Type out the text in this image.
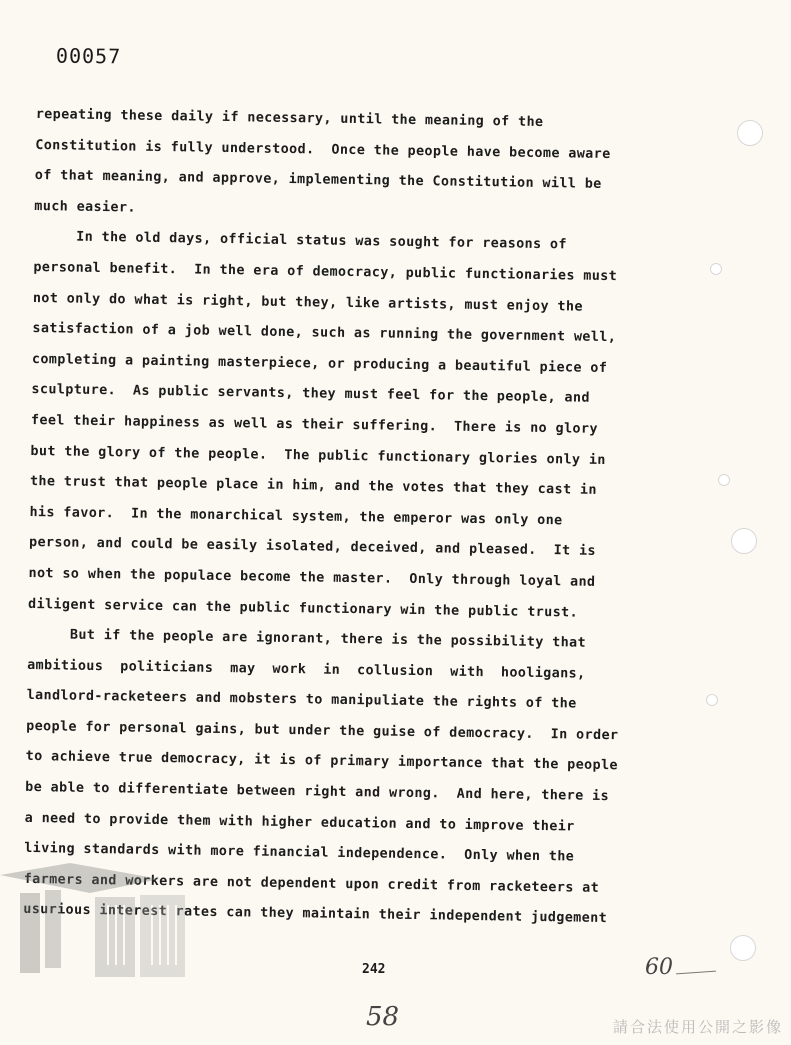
00057
repeating these daily if necessary, until the meaning of the
Constitution is fully understood.  Once the people have become aware
of that meaning, and approve, implementing the Constitution will be
much easier.
In the old days, official status was sought for reasons of
personal benefit.  In the era of democracy, public functionaries must
not only do what is right, but they, like artists, must enjoy the
satisfaction of a job well done, such as running the government well,
completing a painting masterpiece, or producing a beautiful piece of
sculpture.  As public servants, they must feel for the people, and
feel their happiness as well as their suffering.  There is no glory
but the glory of the people.  The public functionary glories only in
the trust that people place in him, and the votes that they cast in
his favor.  In the monarchical system, the emperor was only one
person, and could be easily isolated, deceived, and pleased.  It is
not so when the populace become the master.  Only through loyal and
diligent service can the public functionary win the public trust.
But if the people are ignorant, there is the possibility that
ambitious  politicians  may  work  in  collusion  with  hooligans,
landlord-racketeers and mobsters to manipuliate the rights of the
people for personal gains, but under the guise of democracy.  In order
to achieve true democracy, it is of primary importance that the people
be able to differentiate between right and wrong.  And here, there is
a need to provide them with higher education and to improve their
living standards with more financial independence.  Only when the
farmers and workers are not dependent upon credit from racketeers at
usurious interest rates can they maintain their independent judgement
242	60
58	請合法使用公開之影像
